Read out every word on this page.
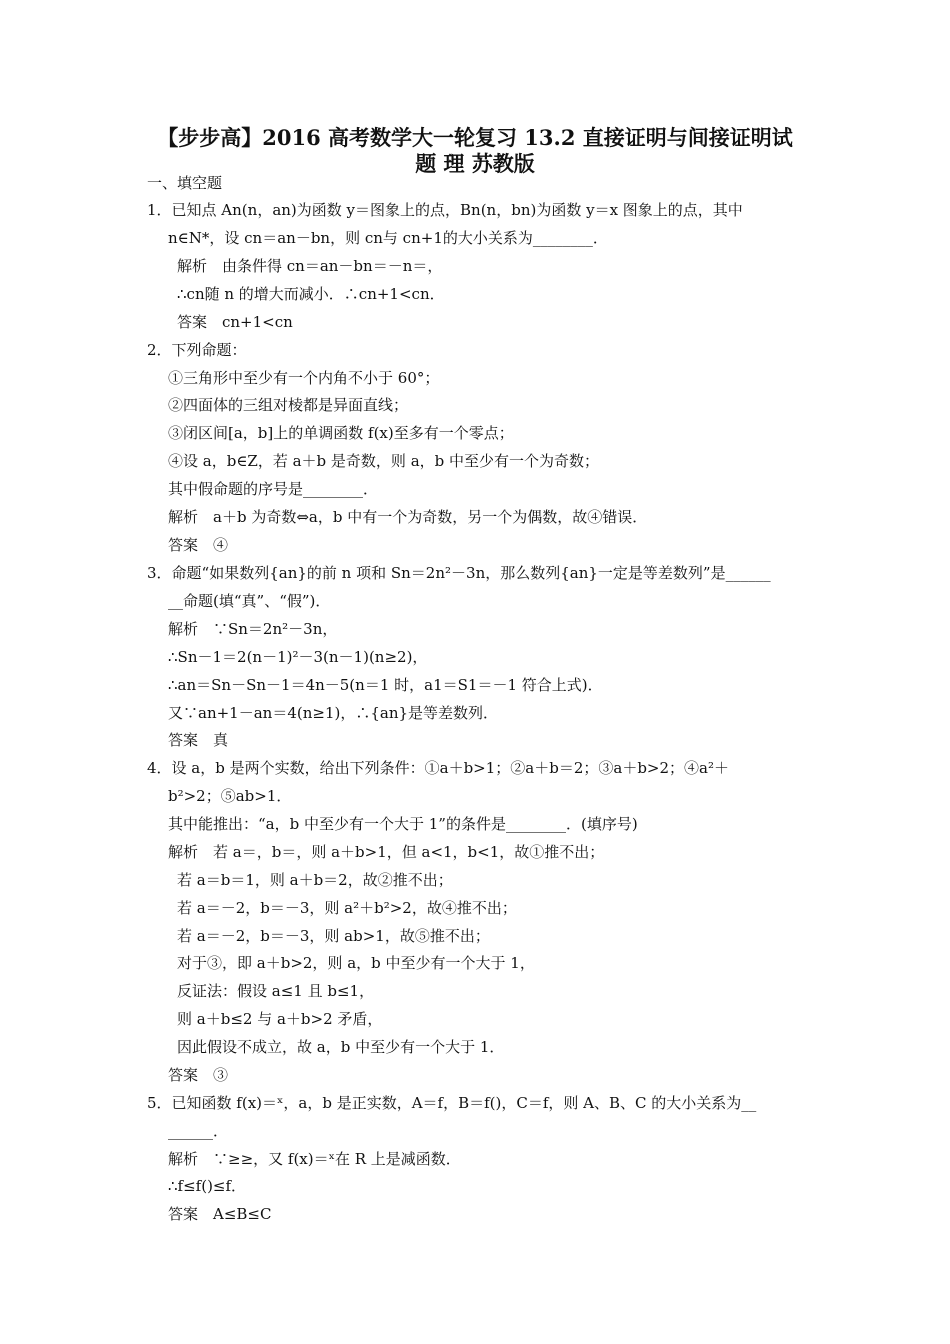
【步步高】2016 高考数学大一轮复习 13.2 直接证明与间接证明试
题 理 苏教版
一、填空题
1．已知点 An(n，an)为函数 y＝图象上的点，Bn(n，bn)为函数 y＝x 图象上的点，其中
n∈N*，设 cn＝an－bn，则 cn与 cn+1的大小关系为________．
解析　由条件得 cn＝an－bn＝－n＝，
∴cn随 n 的增大而减小．∴cn+1<cn．
答案　cn+1<cn
2．下列命题：
①三角形中至少有一个内角不小于 60°；
②四面体的三组对棱都是异面直线；
③闭区间[a，b]上的单调函数 f(x)至多有一个零点；
④设 a，b∈Z，若 a＋b 是奇数，则 a，b 中至少有一个为奇数；
其中假命题的序号是________．
解析　a＋b 为奇数⇔a，b 中有一个为奇数，另一个为偶数，故④错误．
答案　④
3．命题“如果数列{an}的前 n 项和 Sn＝2n²－3n，那么数列{an}一定是等差数列”是______
__命题(填“真”、“假”)．
解析　∵Sn＝2n²－3n，
∴Sn－1＝2(n－1)²－3(n－1)(n≥2)，
∴an＝Sn－Sn－1＝4n－5(n＝1 时，a1＝S1＝－1 符合上式)．
又∵an+1－an＝4(n≥1)，∴{an}是等差数列．
答案　真
4．设 a，b 是两个实数，给出下列条件：①a＋b>1；②a＋b＝2；③a＋b>2；④a²＋
b²>2；⑤ab>1．
其中能推出：“a，b 中至少有一个大于 1”的条件是________．(填序号)
解析　若 a＝，b＝，则 a＋b>1，但 a<1，b<1，故①推不出；
若 a＝b＝1，则 a＋b＝2，故②推不出；
若 a＝－2，b＝－3，则 a²＋b²>2，故④推不出；
若 a＝－2，b＝－3，则 ab>1，故⑤推不出；
对于③，即 a＋b>2，则 a，b 中至少有一个大于 1，
反证法：假设 a≤1 且 b≤1，
则 a＋b≤2 与 a＋b>2 矛盾，
因此假设不成立，故 a，b 中至少有一个大于 1．
答案　③
5．已知函数 f(x)＝ˣ，a，b 是正实数，A＝f，B＝f()，C＝f，则 A、B、C 的大小关系为__
______．
解析　∵≥≥，又 f(x)＝ˣ在 R 上是减函数．
∴f≤f()≤f．
答案　A≤B≤C
